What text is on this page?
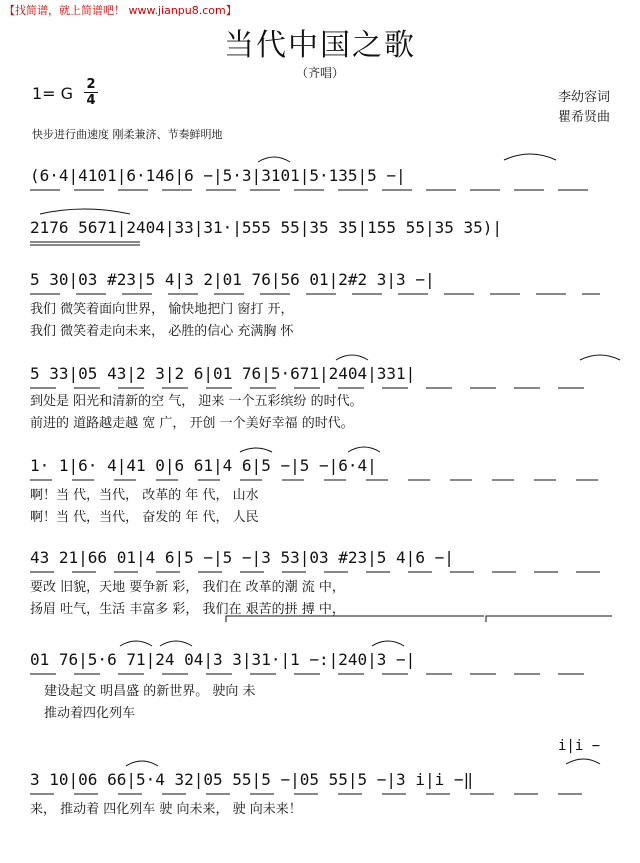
【找简谱，就上简谱吧！ www.jianpu8.com】
当代中国之歌
（齐唱）
1= G 2
4	李幼容词
瞿希贤曲
快步进行曲速度 刚柔兼济、节奏鲜明地
(6·4|4101|6·146|6 −|5·3|3101|5·135|5 −|
2176 5671|2404|33|31·|555 55|35 35|155 55|35 35)|
5 30|03 #23|5 4|3 2|01 76|56 01|2#2 3|3 −|
我们 微笑着面向世界， 愉快地把门 窗打 开，
我们 微笑着走向未来， 必胜的信心 充满胸 怀
5 33|05 43|2 3|2 6|01 76|5·671|2404|331|
到处是 阳光和清新的空 气， 迎来 一个五彩缤纷 的时代。
前进的 道路越走越 宽 广， 开创 一个美好幸福 的时代。
1· 1|6· 4|41 0|6 61|4 6|5 −|5 −|6·4|
啊！当 代，当代， 改革的 年 代， 山水
啊！当 代，当代， 奋发的 年 代， 人民
43 21|66 01|4 6|5 −|5 −|3 53|03 #23|5 4|6 −|
要改 旧貌，天地 要争新 彩， 我们在 改革的潮 流 中，
扬眉 吐气，生活 丰富多 彩， 我们在 艰苦的拼 搏 中，
01 76|5·6 71|24 04|3 3|31·|1 −:|240|3 −|
建设起文 明昌盛 的新世界。 驶向 未
推动着四化列车
i|i −
3 10|06 66|5·4 32|05 55|5 −|05 55|5 −|3 i|i −‖
来， 推动着 四化列车 驶 向未来， 驶 向未来！
